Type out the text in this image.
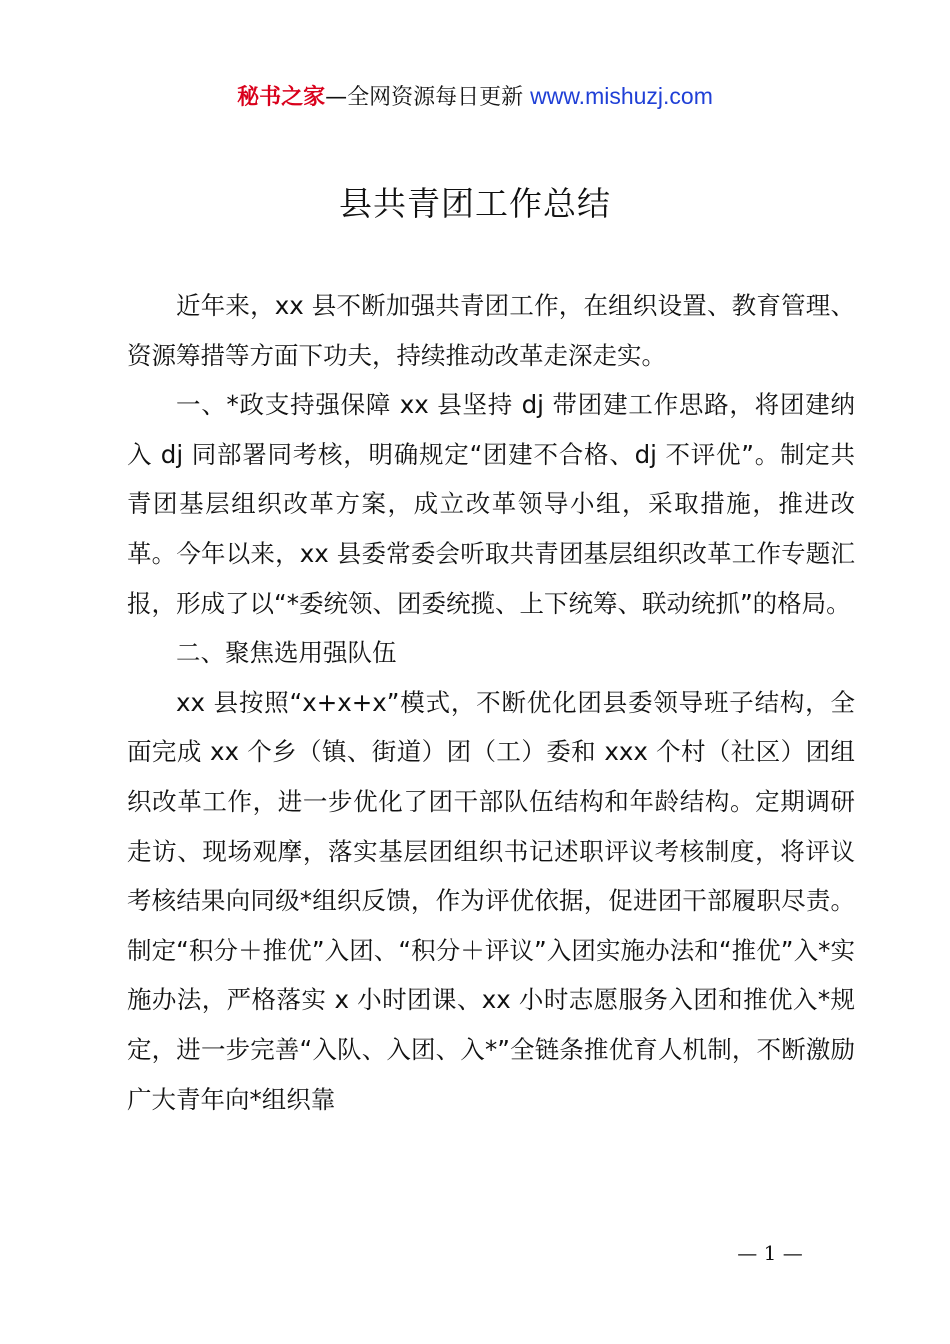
秘书之家—全网资源每日更新 www.mishuzj.com
县共青团工作总结

近年来，xx 县不断加强共青团工作，在组织设置、教育管理、资源筹措等方面下功夫，持续推动改革走深走实。

一、*政支持强保障 xx 县坚持 dj 带团建工作思路，将团建纳入 dj 同部署同考核，明确规定“团建不合格、dj 不评优”。制定共青团基层组织改革方案，成立改革领导小组，采取措施，推进改革。今年以来，xx 县委常委会听取共青团基层组织改革工作专题汇报，形成了以“*委统领、团委统揽、上下统筹、联动统抓”的格局。

二、聚焦选用强队伍

xx 县按照“x+x+x”模式，不断优化团县委领导班子结构，全面完成 xx 个乡（镇、街道）团（工）委和 xxx 个村（社区）团组织改革工作，进一步优化了团干部队伍结构和年龄结构。定期调研走访、现场观摩，落实基层团组织书记述职评议考核制度，将评议考核结果向同级*组织反馈，作为评优依据，促进团干部履职尽责。制定“积分＋推优”入团、“积分＋评议”入团实施办法和“推优”入*实施办法，严格落实 x 小时团课、xx 小时志愿服务入团和推优入*规定，进一步完善“入队、入团、入*”全链条推优育人机制，不断激励广大青年向*组织靠

— 1 —
